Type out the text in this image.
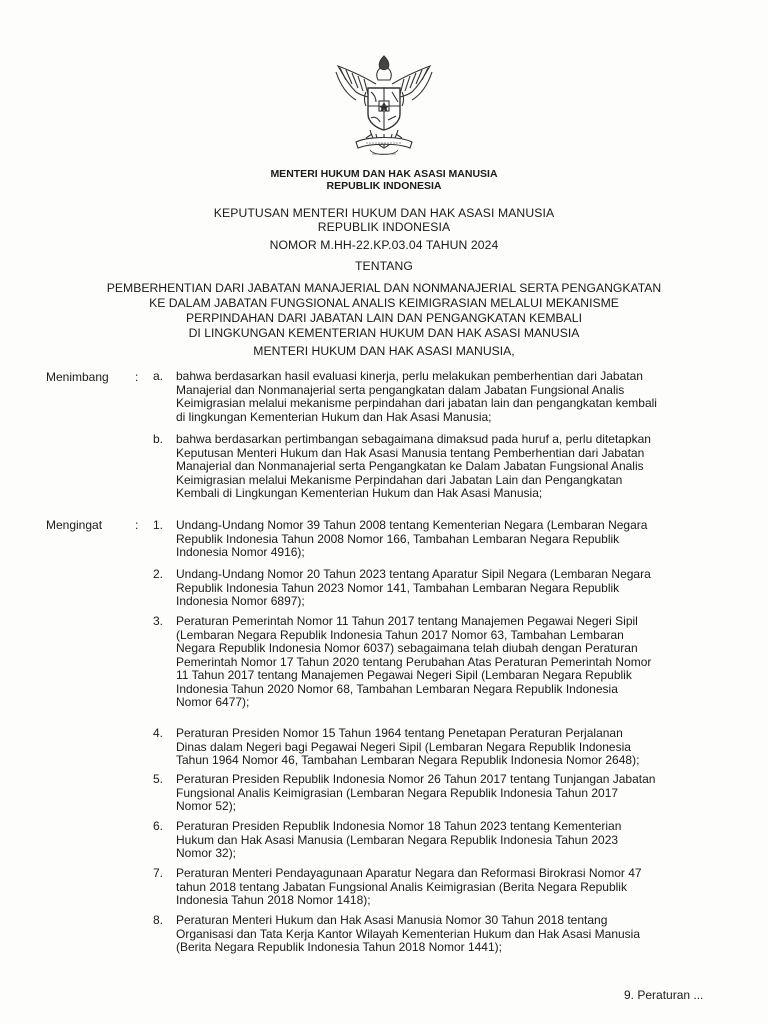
MENTERI HUKUM DAN HAK ASASI MANUSIA
REPUBLIK INDONESIA
KEPUTUSAN MENTERI HUKUM DAN HAK ASASI MANUSIA
REPUBLIK INDONESIA
NOMOR M.HH-22.KP.03.04 TAHUN 2024
TENTANG
PEMBERHENTIAN DARI JABATAN MANAJERIAL DAN NONMANAJERIAL SERTA PENGANGKATAN
KE DALAM JABATAN FUNGSIONAL ANALIS KEIMIGRASIAN MELALUI MEKANISME
PERPINDAHAN DARI JABATAN LAIN DAN PENGANGKATAN KEMBALI
DI LINGKUNGAN KEMENTERIAN HUKUM DAN HAK ASASI MANUSIA
MENTERI HUKUM DAN HAK ASASI MANUSIA,
Menimbang : a. bahwa berdasarkan hasil evaluasi kinerja, perlu melakukan pemberhentian dari Jabatan
Manajerial dan Nonmanajerial serta pengangkatan dalam Jabatan Fungsional Analis
Keimigrasian melalui mekanisme perpindahan dari jabatan lain dan pengangkatan kembali
di lingkungan Kementerian Hukum dan Hak Asasi Manusia;
b. bahwa berdasarkan pertimbangan sebagaimana dimaksud pada huruf a, perlu ditetapkan
Keputusan Menteri Hukum dan Hak Asasi Manusia tentang Pemberhentian dari Jabatan
Manajerial dan Nonmanajerial serta Pengangkatan ke Dalam Jabatan Fungsional Analis
Keimigrasian melalui Mekanisme Perpindahan dari Jabatan Lain dan Pengangkatan
Kembali di Lingkungan Kementerian Hukum dan Hak Asasi Manusia;
Mengingat	: 1. Undang-Undang Nomor 39 Tahun 2008 tentang Kementerian Negara (Lembaran Negara
Republik Indonesia Tahun 2008 Nomor 166, Tambahan Lembaran Negara Republik
Indonesia Nomor 4916);
2. Undang-Undang Nomor 20 Tahun 2023 tentang Aparatur Sipil Negara (Lembaran Negara
Republik Indonesia Tahun 2023 Nomor 141, Tambahan Lembaran Negara Republik
Indonesia Nomor 6897);
3. Peraturan Pemerintah Nomor 11 Tahun 2017 tentang Manajemen Pegawai Negeri Sipil
(Lembaran Negara Republik Indonesia Tahun 2017 Nomor 63, Tambahan Lembaran
Negara Republik Indonesia Nomor 6037) sebagaimana telah diubah dengan Peraturan
Pemerintah Nomor 17 Tahun 2020 tentang Perubahan Atas Peraturan Pemerintah Nomor
11 Tahun 2017 tentang Manajemen Pegawai Negeri Sipil (Lembaran Negara Republik
Indonesia Tahun 2020 Nomor 68, Tambahan Lembaran Negara Republik Indonesia
Nomor 6477);
4. Peraturan Presiden Nomor 15 Tahun 1964 tentang Penetapan Peraturan Perjalanan
Dinas dalam Negeri bagi Pegawai Negeri Sipil (Lembaran Negara Republik Indonesia
Tahun 1964 Nomor 46, Tambahan Lembaran Negara Republik Indonesia Nomor 2648);
5. Peraturan Presiden Republik Indonesia Nomor 26 Tahun 2017 tentang Tunjangan Jabatan
Fungsional Analis Keimigrasian (Lembaran Negara Republik Indonesia Tahun 2017
Nomor 52);
6. Peraturan Presiden Republik Indonesia Nomor 18 Tahun 2023 tentang Kementerian
Hukum dan Hak Asasi Manusia (Lembaran Negara Republik Indonesia Tahun 2023
Nomor 32);
7. Peraturan Menteri Pendayagunaan Aparatur Negara dan Reformasi Birokrasi Nomor 47
tahun 2018 tentang Jabatan Fungsional Analis Keimigrasian (Berita Negara Republik
Indonesia Tahun 2018 Nomor 1418);
8. Peraturan Menteri Hukum dan Hak Asasi Manusia Nomor 30 Tahun 2018 tentang
Organisasi dan Tata Kerja Kantor Wilayah Kementerian Hukum dan Hak Asasi Manusia
(Berita Negara Republik Indonesia Tahun 2018 Nomor 1441);
9. Peraturan ...
